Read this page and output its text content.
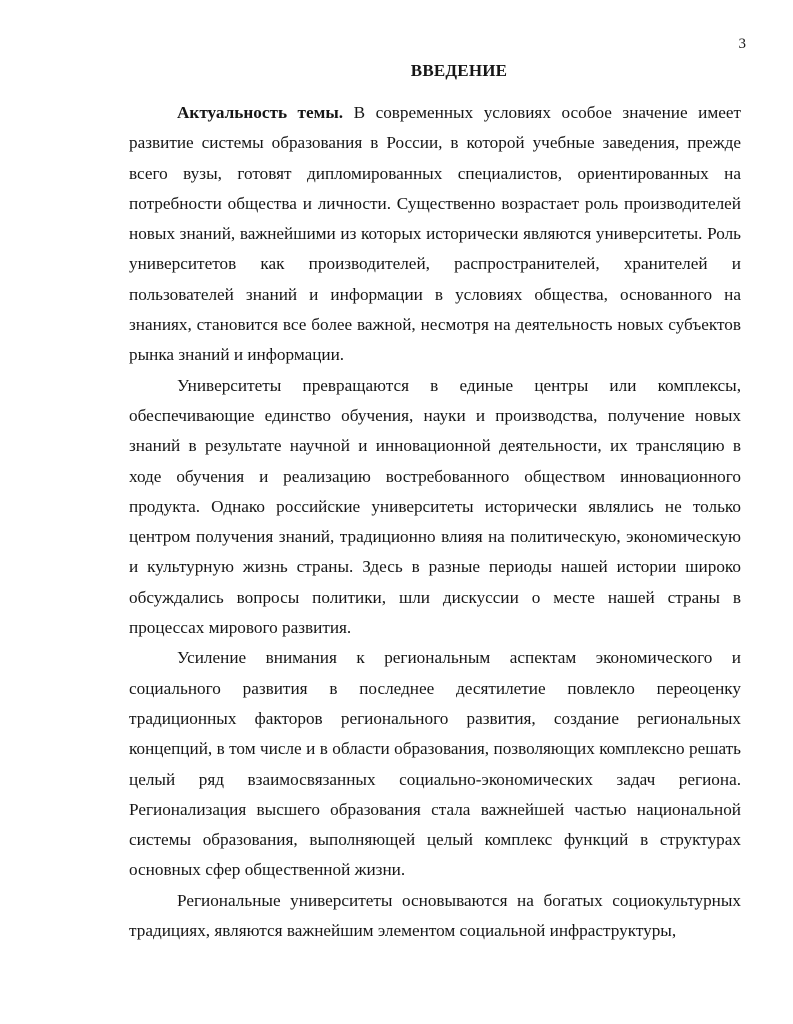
3
ВВЕДЕНИЕ

Актуальность темы. В современных условиях особое значение имеет развитие системы образования в России, в которой учебные заведения, прежде всего вузы, готовят дипломированных специалистов, ориентированных на потребности общества и личности. Существенно возрастает роль производителей новых знаний, важнейшими из которых исторически являются университеты. Роль университетов как производителей, распространителей, хранителей и пользователей знаний и информации в условиях общества, основанного на знаниях, становится все более важной, несмотря на деятельность новых субъектов рынка знаний и информации.

Университеты превращаются в единые центры или комплексы, обеспечивающие единство обучения, науки и производства, получение новых знаний в результате научной и инновационной деятельности, их трансляцию в ходе обучения и реализацию востребованного обществом инновационного продукта. Однако российские университеты исторически являлись не только центром получения знаний, традиционно влияя на политическую, экономическую и культурную жизнь страны. Здесь в разные периоды нашей истории широко обсуждались вопросы политики, шли дискуссии о месте нашей страны в процессах мирового развития.

Усиление внимания к региональным аспектам экономического и социального развития в последнее десятилетие повлекло переоценку традиционных факторов регионального развития, создание региональных концепций, в том числе и в области образования, позволяющих комплексно решать целый ряд взаимосвязанных социально-экономических задач региона. Регионализация высшего образования стала важнейшей частью национальной системы образования, выполняющей целый комплекс функций в структурах основных сфер общественной жизни.

Региональные университеты основываются на богатых социокультурных традициях, являются важнейшим элементом социальной инфраструктуры,
